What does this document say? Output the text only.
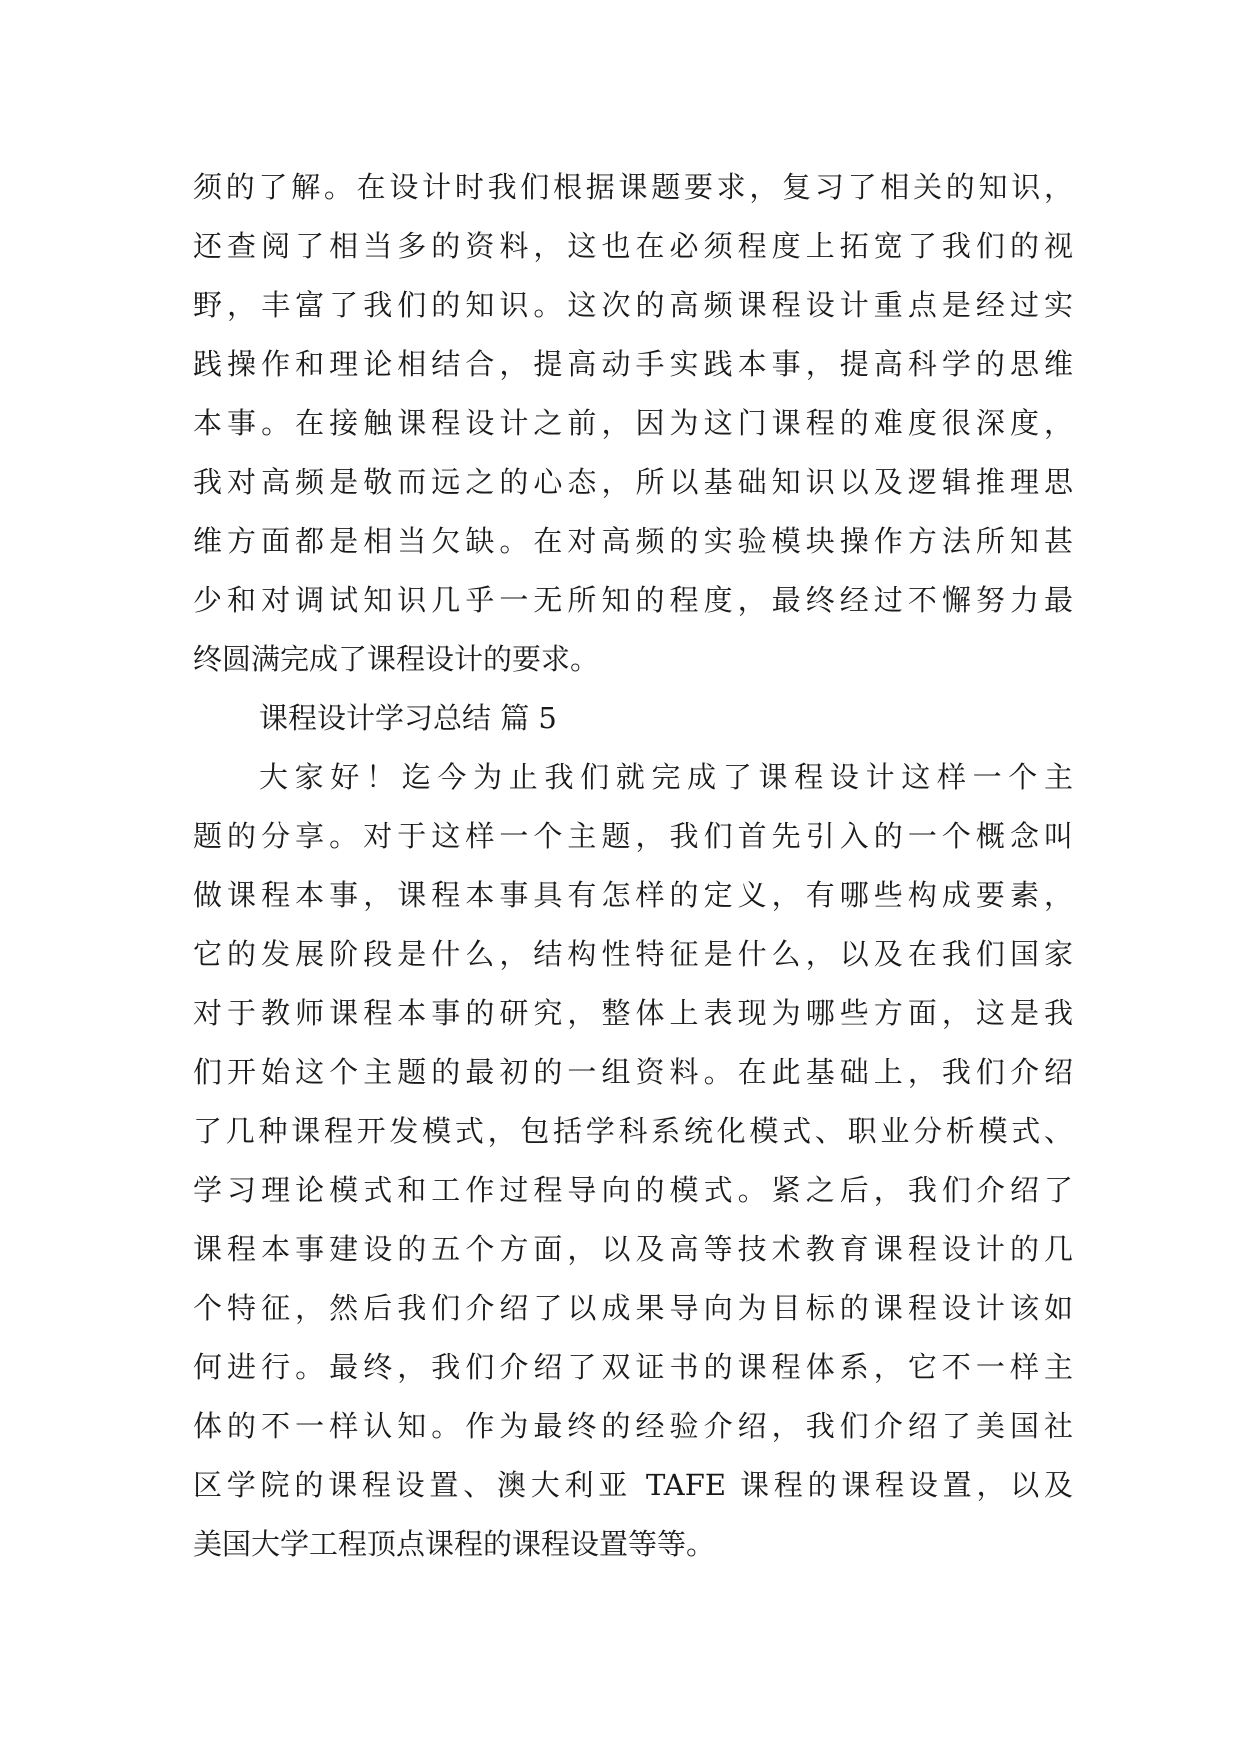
须的了解。在设计时我们根据课题要求，复习了相关的知识，
还查阅了相当多的资料，这也在必须程度上拓宽了我们的视
野，丰富了我们的知识。这次的高频课程设计重点是经过实
践操作和理论相结合，提高动手实践本事，提高科学的思维
本事。在接触课程设计之前，因为这门课程的难度很深度，
我对高频是敬而远之的心态，所以基础知识以及逻辑推理思
维方面都是相当欠缺。在对高频的实验模块操作方法所知甚
少和对调试知识几乎一无所知的程度，最终经过不懈努力最
终圆满完成了课程设计的要求。
课程设计学习总结 篇 5
大家好！迄今为止我们就完成了课程设计这样一个主
题的分享。对于这样一个主题，我们首先引入的一个概念叫
做课程本事，课程本事具有怎样的定义，有哪些构成要素，
它的发展阶段是什么，结构性特征是什么，以及在我们国家
对于教师课程本事的研究，整体上表现为哪些方面，这是我
们开始这个主题的最初的一组资料。在此基础上，我们介绍
了几种课程开发模式，包括学科系统化模式、职业分析模式、
学习理论模式和工作过程导向的模式。紧之后，我们介绍了
课程本事建设的五个方面，以及高等技术教育课程设计的几
个特征，然后我们介绍了以成果导向为目标的课程设计该如
何进行。最终，我们介绍了双证书的课程体系，它不一样主
体的不一样认知。作为最终的经验介绍，我们介绍了美国社
区学院的课程设置、澳大利亚 TAFE 课程的课程设置，以及
美国大学工程顶点课程的课程设置等等。
